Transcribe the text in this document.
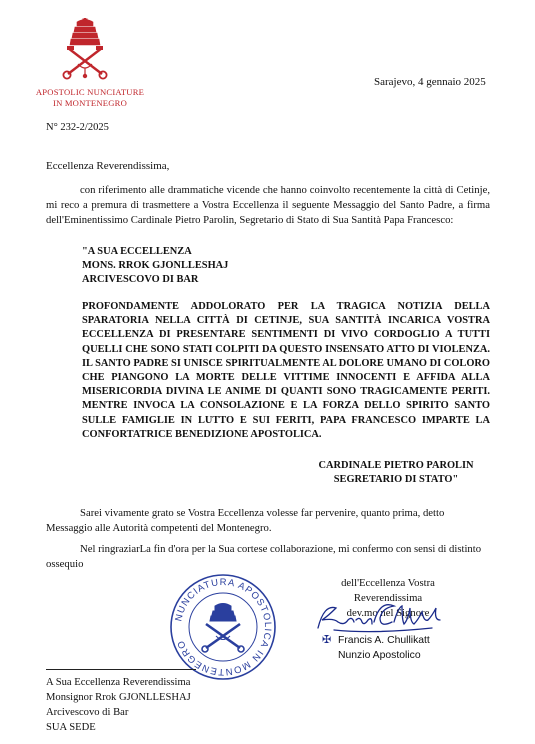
APOSTOLIC NUNCIATURE
IN MONTENEGRO
Sarajevo, 4 gennaio 2025
N° 232-2/2025
Eccellenza Reverendissima,
con riferimento alle drammatiche vicende che hanno coinvolto recentemente la città di Cetinje, mi reco a premura di trasmettere a Vostra Eccellenza il seguente Messaggio del Santo Padre, a firma dell'Eminentissimo Cardinale Pietro Parolin, Segretario di Stato di Sua Santità Papa Francesco:
"A SUA ECCELLENZA
MONS. RROK GJONLLESHAJ
ARCIVESCOVO DI BAR
PROFONDAMENTE ADDOLORATO PER LA TRAGICA NOTIZIA DELLA SPARATORIA NELLA CITTÀ DI CETINJE, SUA SANTITÀ INCARICA VOSTRA ECCELLENZA DI PRESENTARE SENTIMENTI DI VIVO CORDOGLIO A TUTTI QUELLI CHE SONO STATI COLPITI DA QUESTO INSENSATO ATTO DI VIOLENZA. IL SANTO PADRE SI UNISCE SPIRITUALMENTE AL DOLORE UMANO DI COLORO CHE PIANGONO LA MORTE DELLE VITTIME INNOCENTI E AFFIDA ALLA MISERICORDIA DIVINA LE ANIME DI QUANTI SONO TRAGICAMENTE PERITI. MENTRE INVOCA LA CONSOLAZIONE E LA FORZA DELLO SPIRITO SANTO SULLE FAMIGLIE IN LUTTO E SUI FERITI, PAPA FRANCESCO IMPARTE LA CONFORTATRICE BENEDIZIONE APOSTOLICA.
CARDINALE PIETRO PAROLIN
SEGRETARIO DI STATO"
Sarei vivamente grato se Vostra Eccellenza volesse far pervenire, quanto prima, detto Messaggio alle Autorità competenti del Montenegro.
Nel ringraziarLa fin d'ora per la Sua cortese collaborazione, mi confermo con sensi di distinto ossequio
dell'Eccellenza Vostra Reverendissima
dev.mo nel Signore
NUNCIATURA APOSTOLICA IN MONTENEGRO	✠ Francis A. Chullikatt
Nunzio Apostolico
A Sua Eccellenza Reverendissima
Monsignor Rrok GJONLLESHAJ
Arcivescovo di Bar
SUA SEDE
